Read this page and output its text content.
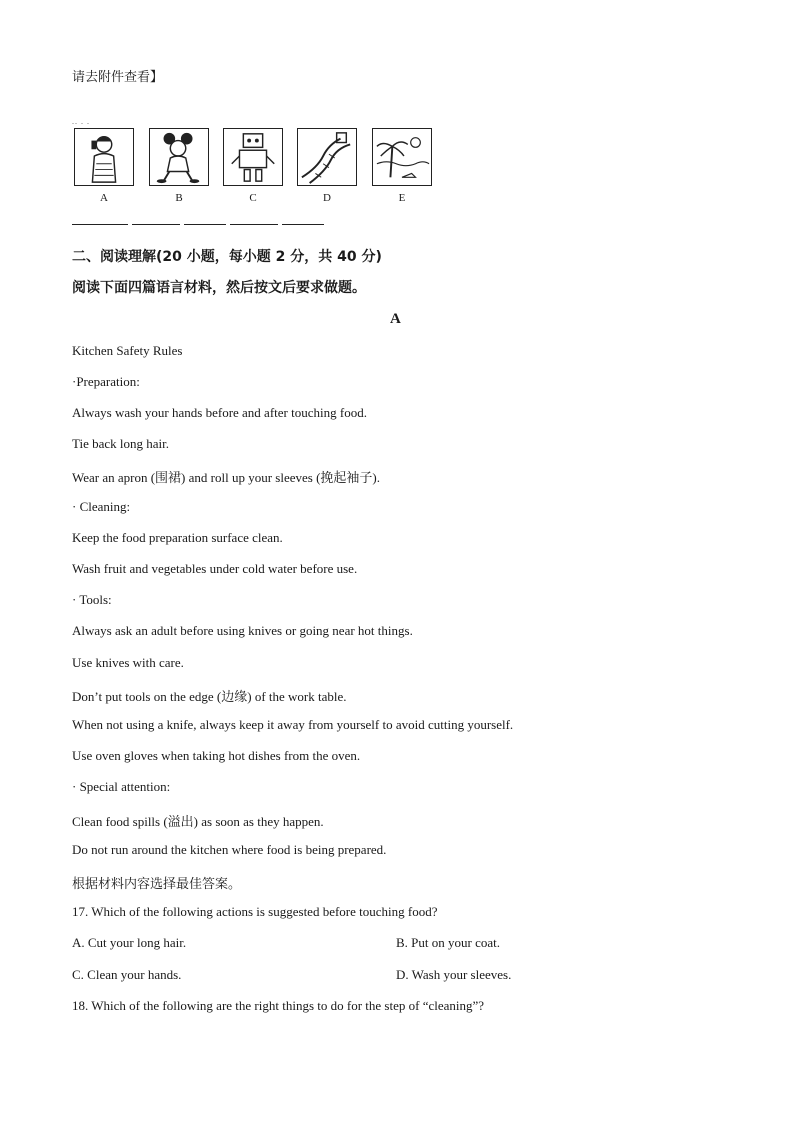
请去附件查看】
.. . .
A	B	C	D	E
二、阅读理解(20 小题，每小题 2 分，共 40 分)
阅读下面四篇语言材料，然后按文后要求做题。
A
Kitchen Safety Rules
·Preparation:
Always wash your hands before and after touching food.
Tie back long hair.
Wear an apron (围裙) and roll up your sleeves (挽起袖子).
· Cleaning:
Keep the food preparation surface clean.
Wash fruit and vegetables under cold water before use.
· Tools:
Always ask an adult before using knives or going near hot things.
Use knives with care.
Don’t put tools on the edge (边缘) of the work table.
When not using a knife, always keep it away from yourself to avoid cutting yourself.
Use oven gloves when taking hot dishes from the oven.
· Special attention:
Clean food spills (溢出) as soon as they happen.
Do not run around the kitchen where food is being prepared.
根据材料内容选择最佳答案。
17. Which of the following actions is suggested before touching food?
A. Cut your long hair.	B. Put on your coat.
C. Clean your hands.	D. Wash your sleeves.
18. Which of the following are the right things to do for the step of “cleaning”?
